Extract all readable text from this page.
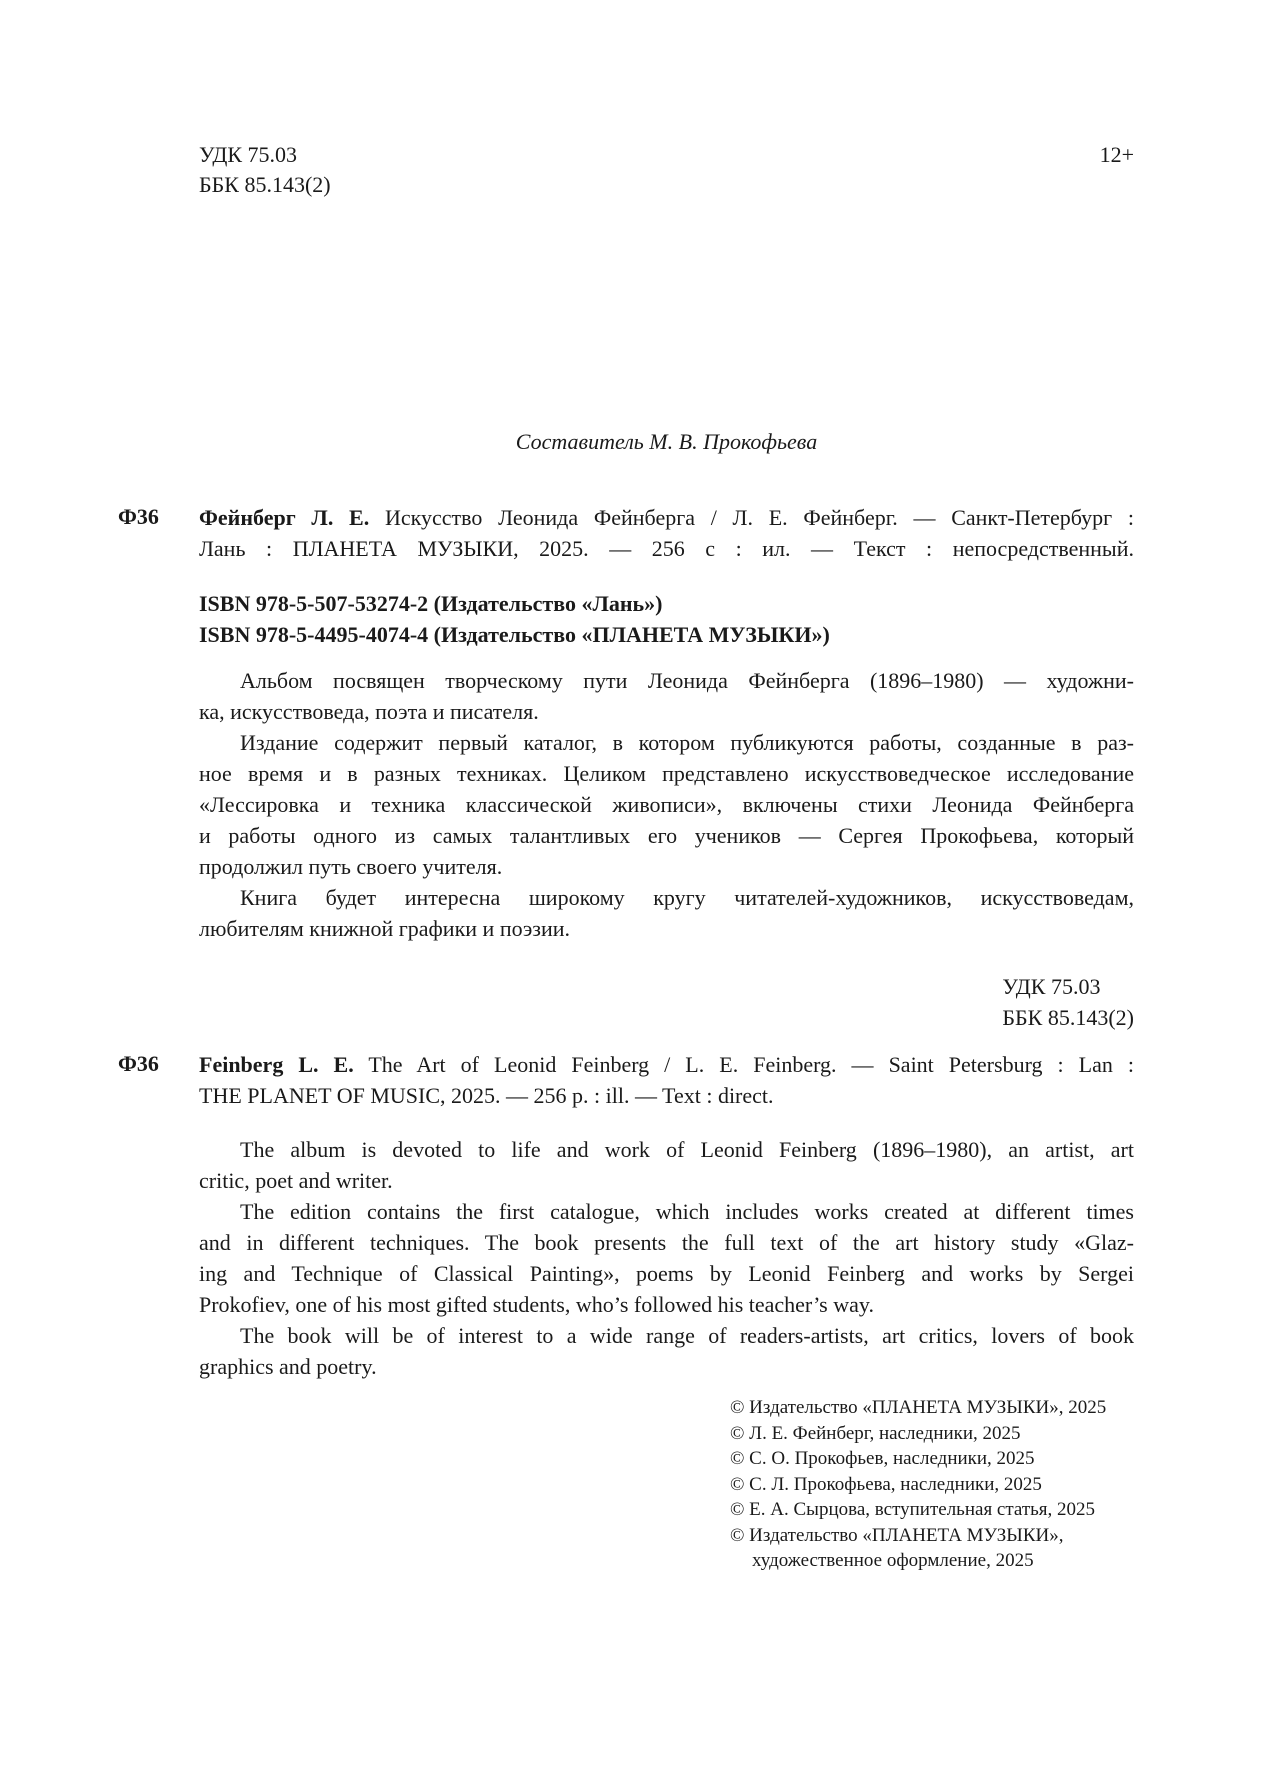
УДК 75.03
ББК 85.143(2)
12+
Составитель М. В. Прокофьева
Ф36 Фейнберг Л. Е. Искусство Леонида Фейнберга / Л. Е. Фейнберг. — Санкт-Петербург :
Лань : ПЛАНЕТА МУЗЫКИ, 2025. — 256 с : ил. — Текст : непосредственный.
ISBN 978-5-507-53274-2 (Издательство «Лань»)
ISBN 978-5-4495-4074-4 (Издательство «ПЛАНЕТА МУЗЫКИ»)
Альбом посвящен творческому пути Леонида Фейнберга (1896–1980) — художни-
ка, искусствоведа, поэта и писателя.
Издание содержит первый каталог, в котором публикуются работы, созданные в раз-
ное время и в разных техниках. Целиком представлено искусствоведческое исследование
«Лессировка и техника классической живописи», включены стихи Леонида Фейнберга
и работы одного из самых талантливых его учеников — Сергея Прокофьева, который
продолжил путь своего учителя.
Книга будет интересна широкому кругу читателей-художников, искусствоведам,
любителям книжной графики и поэзии.
УДК 75.03
ББК 85.143(2)
Ф36 Feinberg L. E. The Art of Leonid Feinberg / L. E. Feinberg. — Saint Petersburg : Lan :
THE PLANET OF MUSIC, 2025. — 256 p. : ill. — Text : direct.
The album is devoted to life and work of Leonid Feinberg (1896–1980), an artist, art
critic, poet and writer.
The edition contains the first catalogue, which includes works created at different times
and in different techniques. The book presents the full text of the art history study «Glaz-
ing and Technique of Classical Painting», poems by Leonid Feinberg and works by Sergei
Prokofiev, one of his most gifted students, who’s followed his teacher’s way.
The book will be of interest to a wide range of readers-artists, art critics, lovers of book
graphics and poetry.
© Издательство «ПЛАНЕТА МУЗЫКИ», 2025
© Л. Е. Фейнберг, наследники, 2025
© С. О. Прокофьев, наследники, 2025
© С. Л. Прокофьева, наследники, 2025
© Е. А. Сырцова, вступительная статья, 2025
© Издательство «ПЛАНЕТА МУЗЫКИ»,
художественное оформление, 2025
